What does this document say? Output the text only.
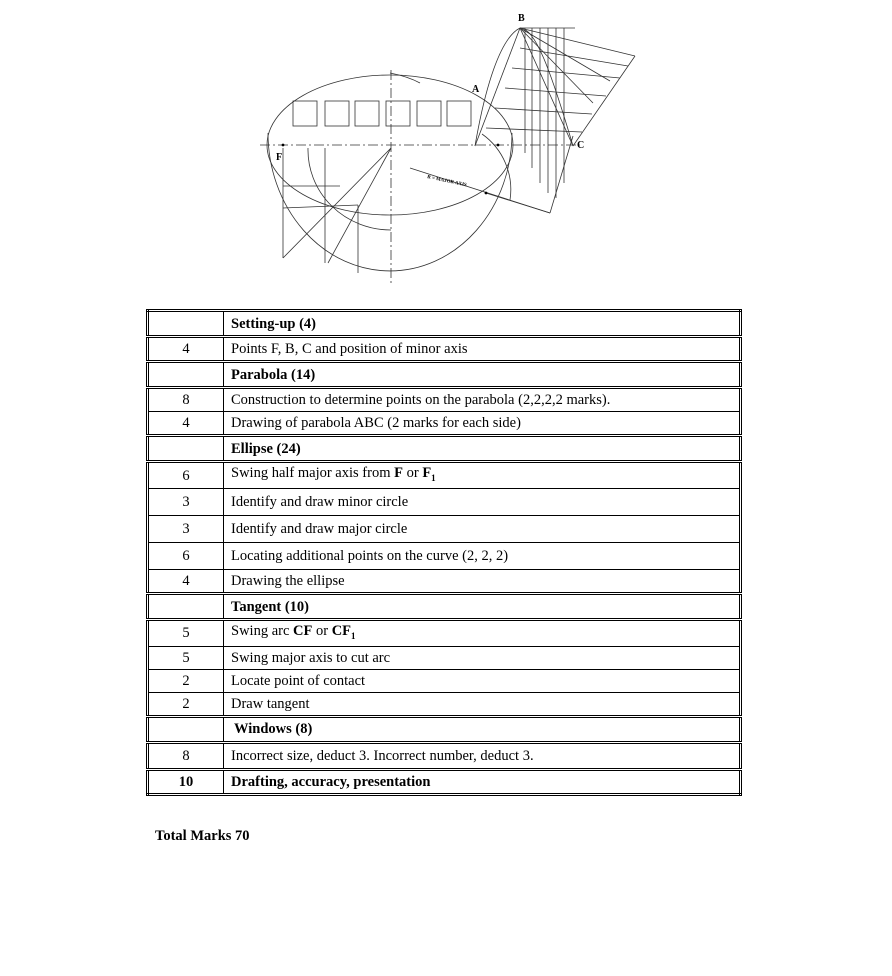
B
A
C
F
R = MAJOR AXIS
	Setting-up (4)
4	Points F, B, C and position of minor axis
	Parabola (14)
8	Construction to determine points on the parabola (2,2,2,2 marks).
4	Drawing of parabola ABC (2 marks for each side)
	Ellipse (24)
6	Swing half major axis from F or $F_1$
3	Identify and draw minor circle
3	Identify and draw major circle
6	Locating additional points on the curve (2, 2, 2)
4	Drawing the ellipse
	Tangent (10)
5	Swing arc CF or $CF_1$
5	Swing major axis to cut arc
2	Locate point of contact
2	Draw tangent
	Windows (8)
8	Incorrect size, deduct 3. Incorrect number, deduct 3.
10	Drafting, accuracy, presentation
Total Marks 70
